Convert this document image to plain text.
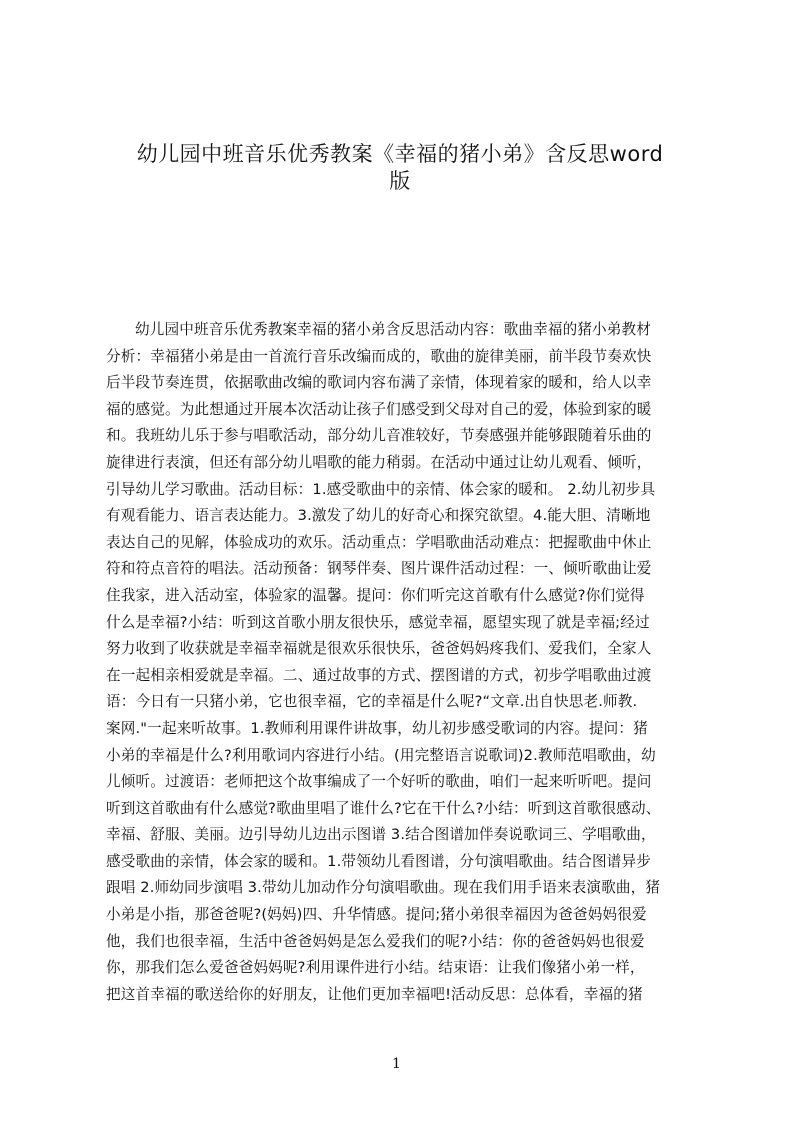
幼儿园中班音乐优秀教案《幸福的猪小弟》含反思word
版
幼儿园中班音乐优秀教案幸福的猪小弟含反思活动内容：歌曲幸福的猪小弟教材
分析：幸福猪小弟是由一首流行音乐改编而成的，歌曲的旋律美丽，前半段节奏欢快
后半段节奏连贯，依据歌曲改编的歌词内容布满了亲情，体现着家的暖和，给人以幸
福的感觉。为此想通过开展本次活动让孩子们感受到父母对自己的爱，体验到家的暖
和。我班幼儿乐于参与唱歌活动，部分幼儿音准较好，节奏感强并能够跟随着乐曲的
旋律进行表演，但还有部分幼儿唱歌的能力稍弱。在活动中通过让幼儿观看、倾听，
引导幼儿学习歌曲。活动目标：1.感受歌曲中的亲情、体会家的暖和。 2.幼儿初步具
有观看能力、语言表达能力。3.激发了幼儿的好奇心和探究欲望。4.能大胆、清晰地
表达自己的见解，体验成功的欢乐。活动重点：学唱歌曲活动难点：把握歌曲中休止
符和符点音符的唱法。活动预备：钢琴伴奏、图片课件活动过程：一、倾听歌曲让爱
住我家，进入活动室，体验家的温馨。提问：你们听完这首歌有什么感觉?你们觉得
什么是幸福?小结：听到这首歌小朋友很快乐，感觉幸福，愿望实现了就是幸福;经过
努力收到了收获就是幸福幸福就是很欢乐很快乐，爸爸妈妈疼我们、爱我们，全家人
在一起相亲相爱就是幸福。二、通过故事的方式、摆图谱的方式，初步学唱歌曲过渡
语：今日有一只猪小弟，它也很幸福，它的幸福是什么呢?“文章.出自快思老.师教.
案网."一起来听故事。1.教师利用课件讲故事，幼儿初步感受歌词的内容。提问：猪
小弟的幸福是什么?利用歌词内容进行小结。(用完整语言说歌词)2.教师范唱歌曲，幼
儿倾听。过渡语：老师把这个故事编成了一个好听的歌曲，咱们一起来听听吧。提问
听到这首歌曲有什么感觉?歌曲里唱了谁什么?它在干什么?小结：听到这首歌很感动、
幸福、舒服、美丽。边引导幼儿边出示图谱 3.结合图谱加伴奏说歌词三、学唱歌曲，
感受歌曲的亲情，体会家的暖和。1.带领幼儿看图谱，分句演唱歌曲。结合图谱异步
跟唱 2.师幼同步演唱 3.带幼儿加动作分句演唱歌曲。现在我们用手语来表演歌曲，猪
小弟是小指，那爸爸呢?(妈妈)四、升华情感。提问;猪小弟很幸福因为爸爸妈妈很爱
他，我们也很幸福，生活中爸爸妈妈是怎么爱我们的呢?小结：你的爸爸妈妈也很爱
你，那我们怎么爱爸爸妈妈呢?利用课件进行小结。结束语：让我们像猪小弟一样，
把这首幸福的歌送给你的好朋友，让他们更加幸福吧!活动反思：总体看，幸福的猪
1
